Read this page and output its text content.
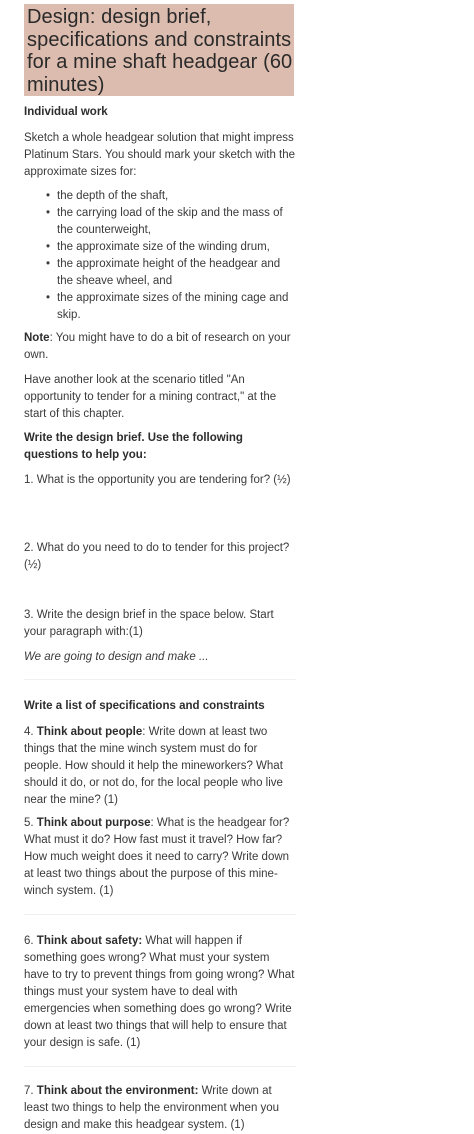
Design: design brief, specifications and constraints for a mine shaft headgear (60 minutes)

Individual work

Sketch a whole headgear solution that might impress Platinum Stars. You should mark your sketch with the approximate sizes for:

• the depth of the shaft,
• the carrying load of the skip and the mass of the counterweight,
• the approximate size of the winding drum,
• the approximate height of the headgear and the sheave wheel, and
• the approximate sizes of the mining cage and skip.

Note: You might have to do a bit of research on your own.

Have another look at the scenario titled "An opportunity to tender for a mining contract," at the start of this chapter.

Write the design brief. Use the following questions to help you:

1. What is the opportunity you are tendering for? (½)

2. What do you need to do to tender for this project? (½)

3. Write the design brief in the space below. Start your paragraph with:(1)

We are going to design and make ...

Write a list of specifications and constraints

4. Think about people: Write down at least two things that the mine winch system must do for people. How should it help the mineworkers? What should it do, or not do, for the local people who live near the mine? (1)

5. Think about purpose: What is the headgear for? What must it do? How fast must it travel? How far? How much weight does it need to carry? Write down at least two things about the purpose of this mine-winch system. (1)

6. Think about safety: What will happen if something goes wrong? What must your system have to try to prevent things from going wrong? What things must your system have to deal with emergencies when something does go wrong? Write down at least two things that will help to ensure that your design is safe. (1)

7. Think about the environment: Write down at least two things to help the environment when you design and make this headgear system. (1)
